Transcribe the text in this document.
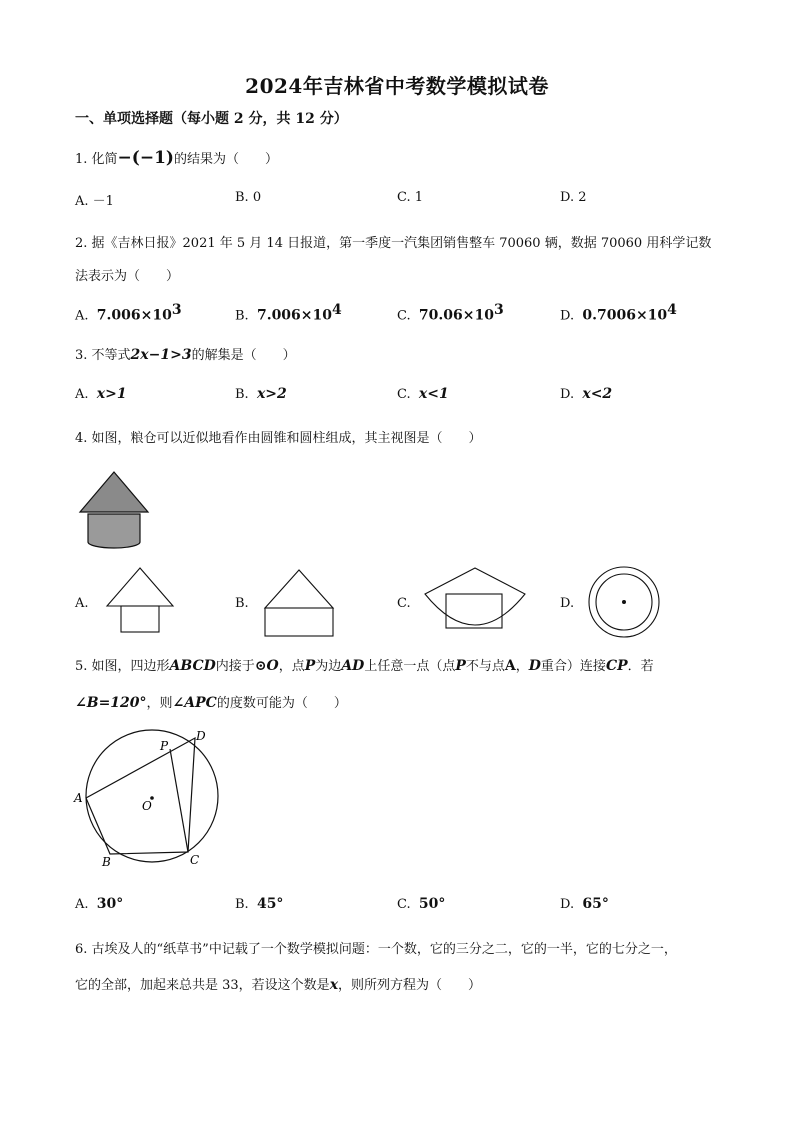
2024年吉林省中考数学模拟试卷
一、单项选择题（每小题 2 分，共 12 分）
1. 化简−(−1)的结果为（　　）
A. －1	B. 0	C. 1	D. 2
2. 据《吉林日报》2021 年 5 月 14 日报道，第一季度一汽集团销售整车 70060 辆，数据 70060 用科学记数
法表示为（　　）
A. $7.006\times 10^3$	B. $7.006\times 10^4$	C. $70.06\times 10^3$	D. $0.7006\times 10^4$
3. 不等式2x−1>3的解集是（　　）
A. x>1	B. x>2	C. x<1	D. x<2
4. 如图，粮仓可以近似地看作由圆锥和圆柱组成，其主视图是（　　）
A.	B.	C.	D.
5. 如图，四边形ABCD内接于⊙O，点P为边AD上任意一点（点P不与点A，D重合）连接CP．若
∠B=120°，则∠APC的度数可能为（　　）
A
B	C
D
P
O
A. 30°	B. 45°	C. 50°	D. 65°
6. 古埃及人的“纸草书”中记载了一个数学模拟问题：一个数，它的三分之二，它的一半，它的七分之一，
它的全部，加起来总共是 33，若设这个数是x，则所列方程为（　　）
